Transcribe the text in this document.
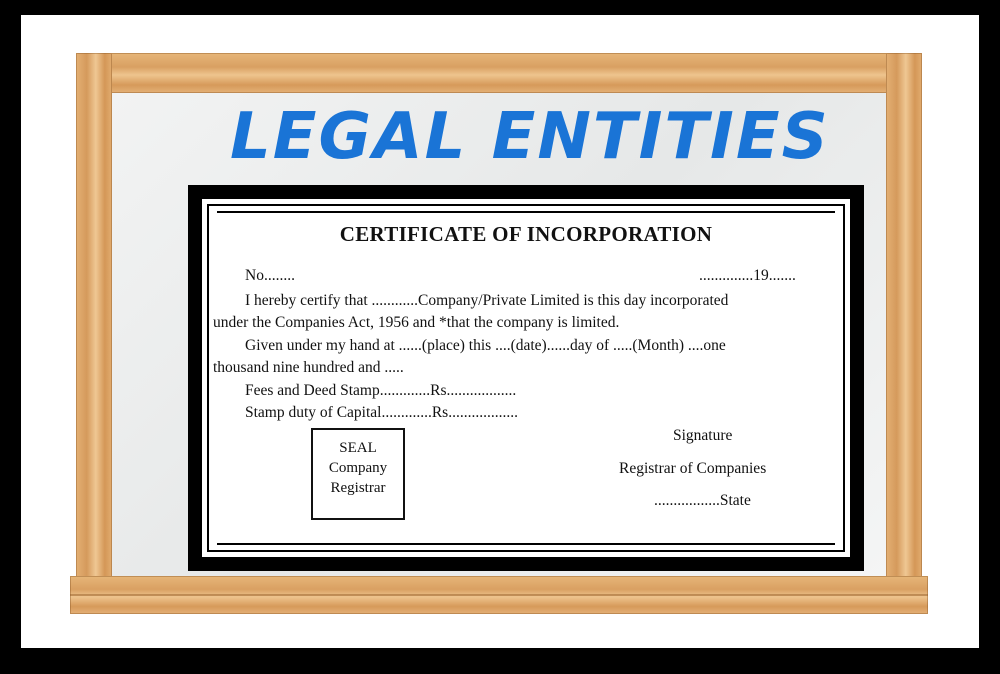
LEGAL ENTITIES
CERTIFICATE OF INCORPORATION
No........	..............19.......
I hereby certify that ............Company/Private Limited is this day incorporated
under the Companies Act, 1956 and *that the company is limited.
Given under my hand at ......(place) this ....(date)......day of .....(Month) ....one
thousand nine hundred and .....
Fees and Deed Stamp.............Rs..................
Stamp duty of Capital.............Rs..................
SEAL
Company
Registrar
Signature
Registrar of Companies
.................State
